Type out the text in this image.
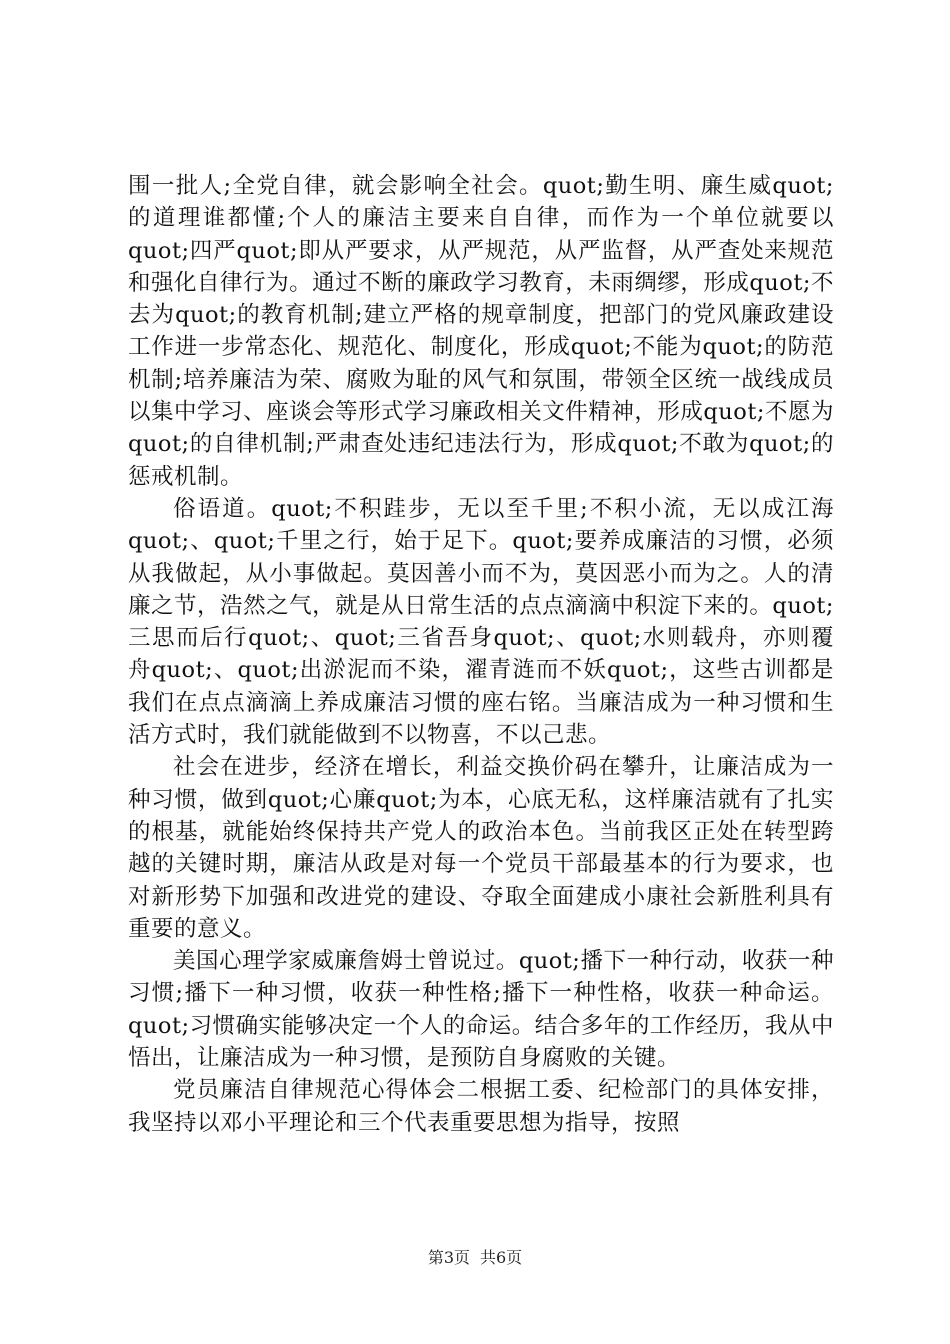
围一批人;全党自律，就会影响全社会。quot;勤生明、廉生威quot;的道理谁都懂;个人的廉洁主要来自自律，而作为一个单位就要以quot;四严quot;即从严要求，从严规范，从严监督，从严查处来规范和强化自律行为。通过不断的廉政学习教育，未雨绸缪，形成quot;不去为quot;的教育机制;建立严格的规章制度，把部门的党风廉政建设工作进一步常态化、规范化、制度化，形成quot;不能为quot;的防范机制;培养廉洁为荣、腐败为耻的风气和氛围，带领全区统一战线成员以集中学习、座谈会等形式学习廉政相关文件精神，形成quot;不愿为quot;的自律机制;严肃查处违纪违法行为，形成quot;不敢为quot;的惩戒机制。

俗语道。quot;不积跬步，无以至千里;不积小流，无以成江海quot;、quot;千里之行，始于足下。quot;要养成廉洁的习惯，必须从我做起，从小事做起。莫因善小而不为，莫因恶小而为之。人的清廉之节，浩然之气，就是从日常生活的点点滴滴中积淀下来的。quot;三思而后行quot;、quot;三省吾身quot;、quot;水则载舟，亦则覆舟quot;、quot;出淤泥而不染，濯青涟而不妖quot;，这些古训都是我们在点点滴滴上养成廉洁习惯的座右铭。当廉洁成为一种习惯和生活方式时，我们就能做到不以物喜，不以己悲。

社会在进步，经济在增长，利益交换价码在攀升，让廉洁成为一种习惯，做到quot;心廉quot;为本，心底无私，这样廉洁就有了扎实的根基，就能始终保持共产党人的政治本色。当前我区正处在转型跨越的关键时期，廉洁从政是对每一个党员干部最基本的行为要求，也对新形势下加强和改进党的建设、夺取全面建成小康社会新胜利具有重要的意义。

美国心理学家威廉詹姆士曾说过。quot;播下一种行动，收获一种习惯;播下一种习惯，收获一种性格;播下一种性格，收获一种命运。quot;习惯确实能够决定一个人的命运。结合多年的工作经历，我从中悟出，让廉洁成为一种习惯，是预防自身腐败的关键。

党员廉洁自律规范心得体会二根据工委、纪检部门的具体安排，我坚持以邓小平理论和三个代表重要思想为指导，按照

第3页 共6页
